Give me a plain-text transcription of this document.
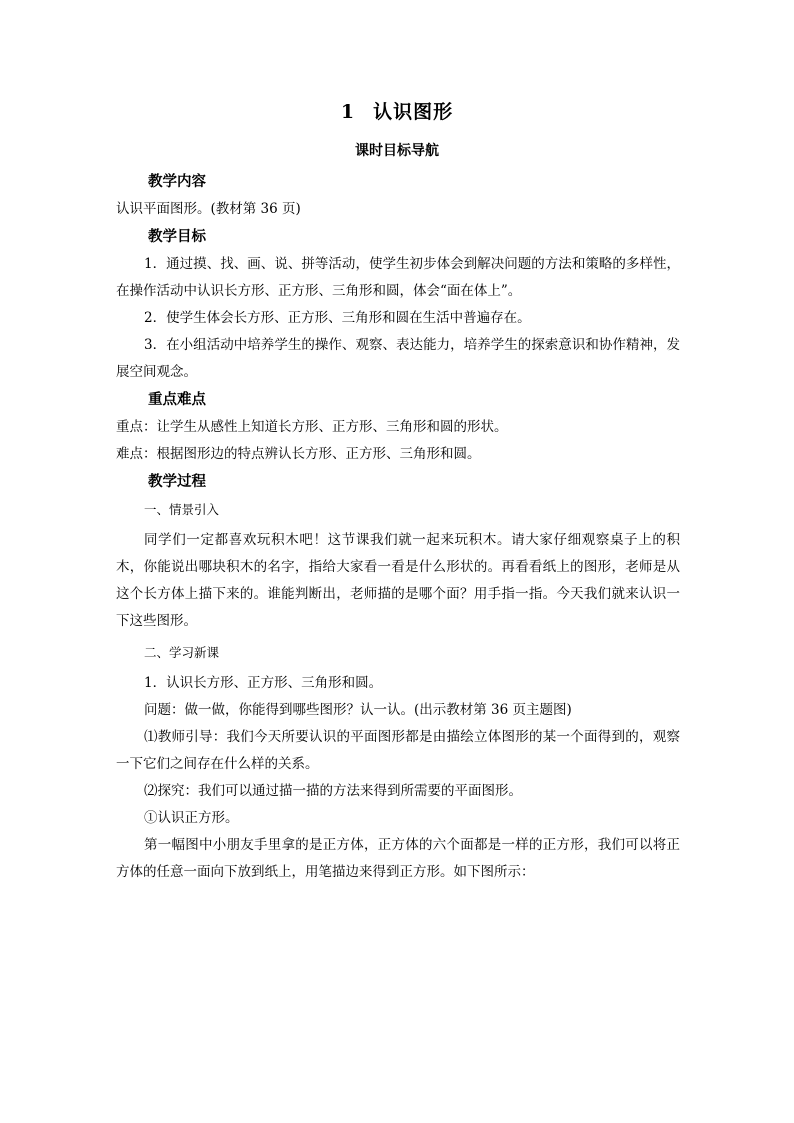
1 认识图形
课时目标导航
教学内容

认识平面图形。(教材第 36 页)

教学目标

1．通过摸、找、画、说、拼等活动，使学生初步体会到解决问题的方法和策略的多样性，在操作活动中认识长方形、正方形、三角形和圆，体会“面在体上”。

2．使学生体会长方形、正方形、三角形和圆在生活中普遍存在。

3．在小组活动中培养学生的操作、观察、表达能力，培养学生的探索意识和协作精神，发展空间观念。

重点难点

重点：让学生从感性上知道长方形、正方形、三角形和圆的形状。

难点：根据图形边的特点辨认长方形、正方形、三角形和圆。

教学过程
一、情景引入

同学们一定都喜欢玩积木吧！这节课我们就一起来玩积木。请大家仔细观察桌子上的积木，你能说出哪块积木的名字，指给大家看一看是什么形状的。再看看纸上的图形，老师是从这个长方体上描下来的。谁能判断出，老师描的是哪个面？用手指一指。今天我们就来认识一下这些图形。

二、学习新课

1．认识长方形、正方形、三角形和圆。

问题：做一做，你能得到哪些图形？认一认。(出示教材第 36 页主题图)

⑴教师引导：我们今天所要认识的平面图形都是由描绘立体图形的某一个面得到的，观察一下它们之间存在什么样的关系。

⑵探究：我们可以通过描一描的方法来得到所需要的平面图形。

①认识正方形。

第一幅图中小朋友手里拿的是正方体，正方体的六个面都是一样的正方形，我们可以将正方体的任意一面向下放到纸上，用笔描边来得到正方形。如下图所示：
